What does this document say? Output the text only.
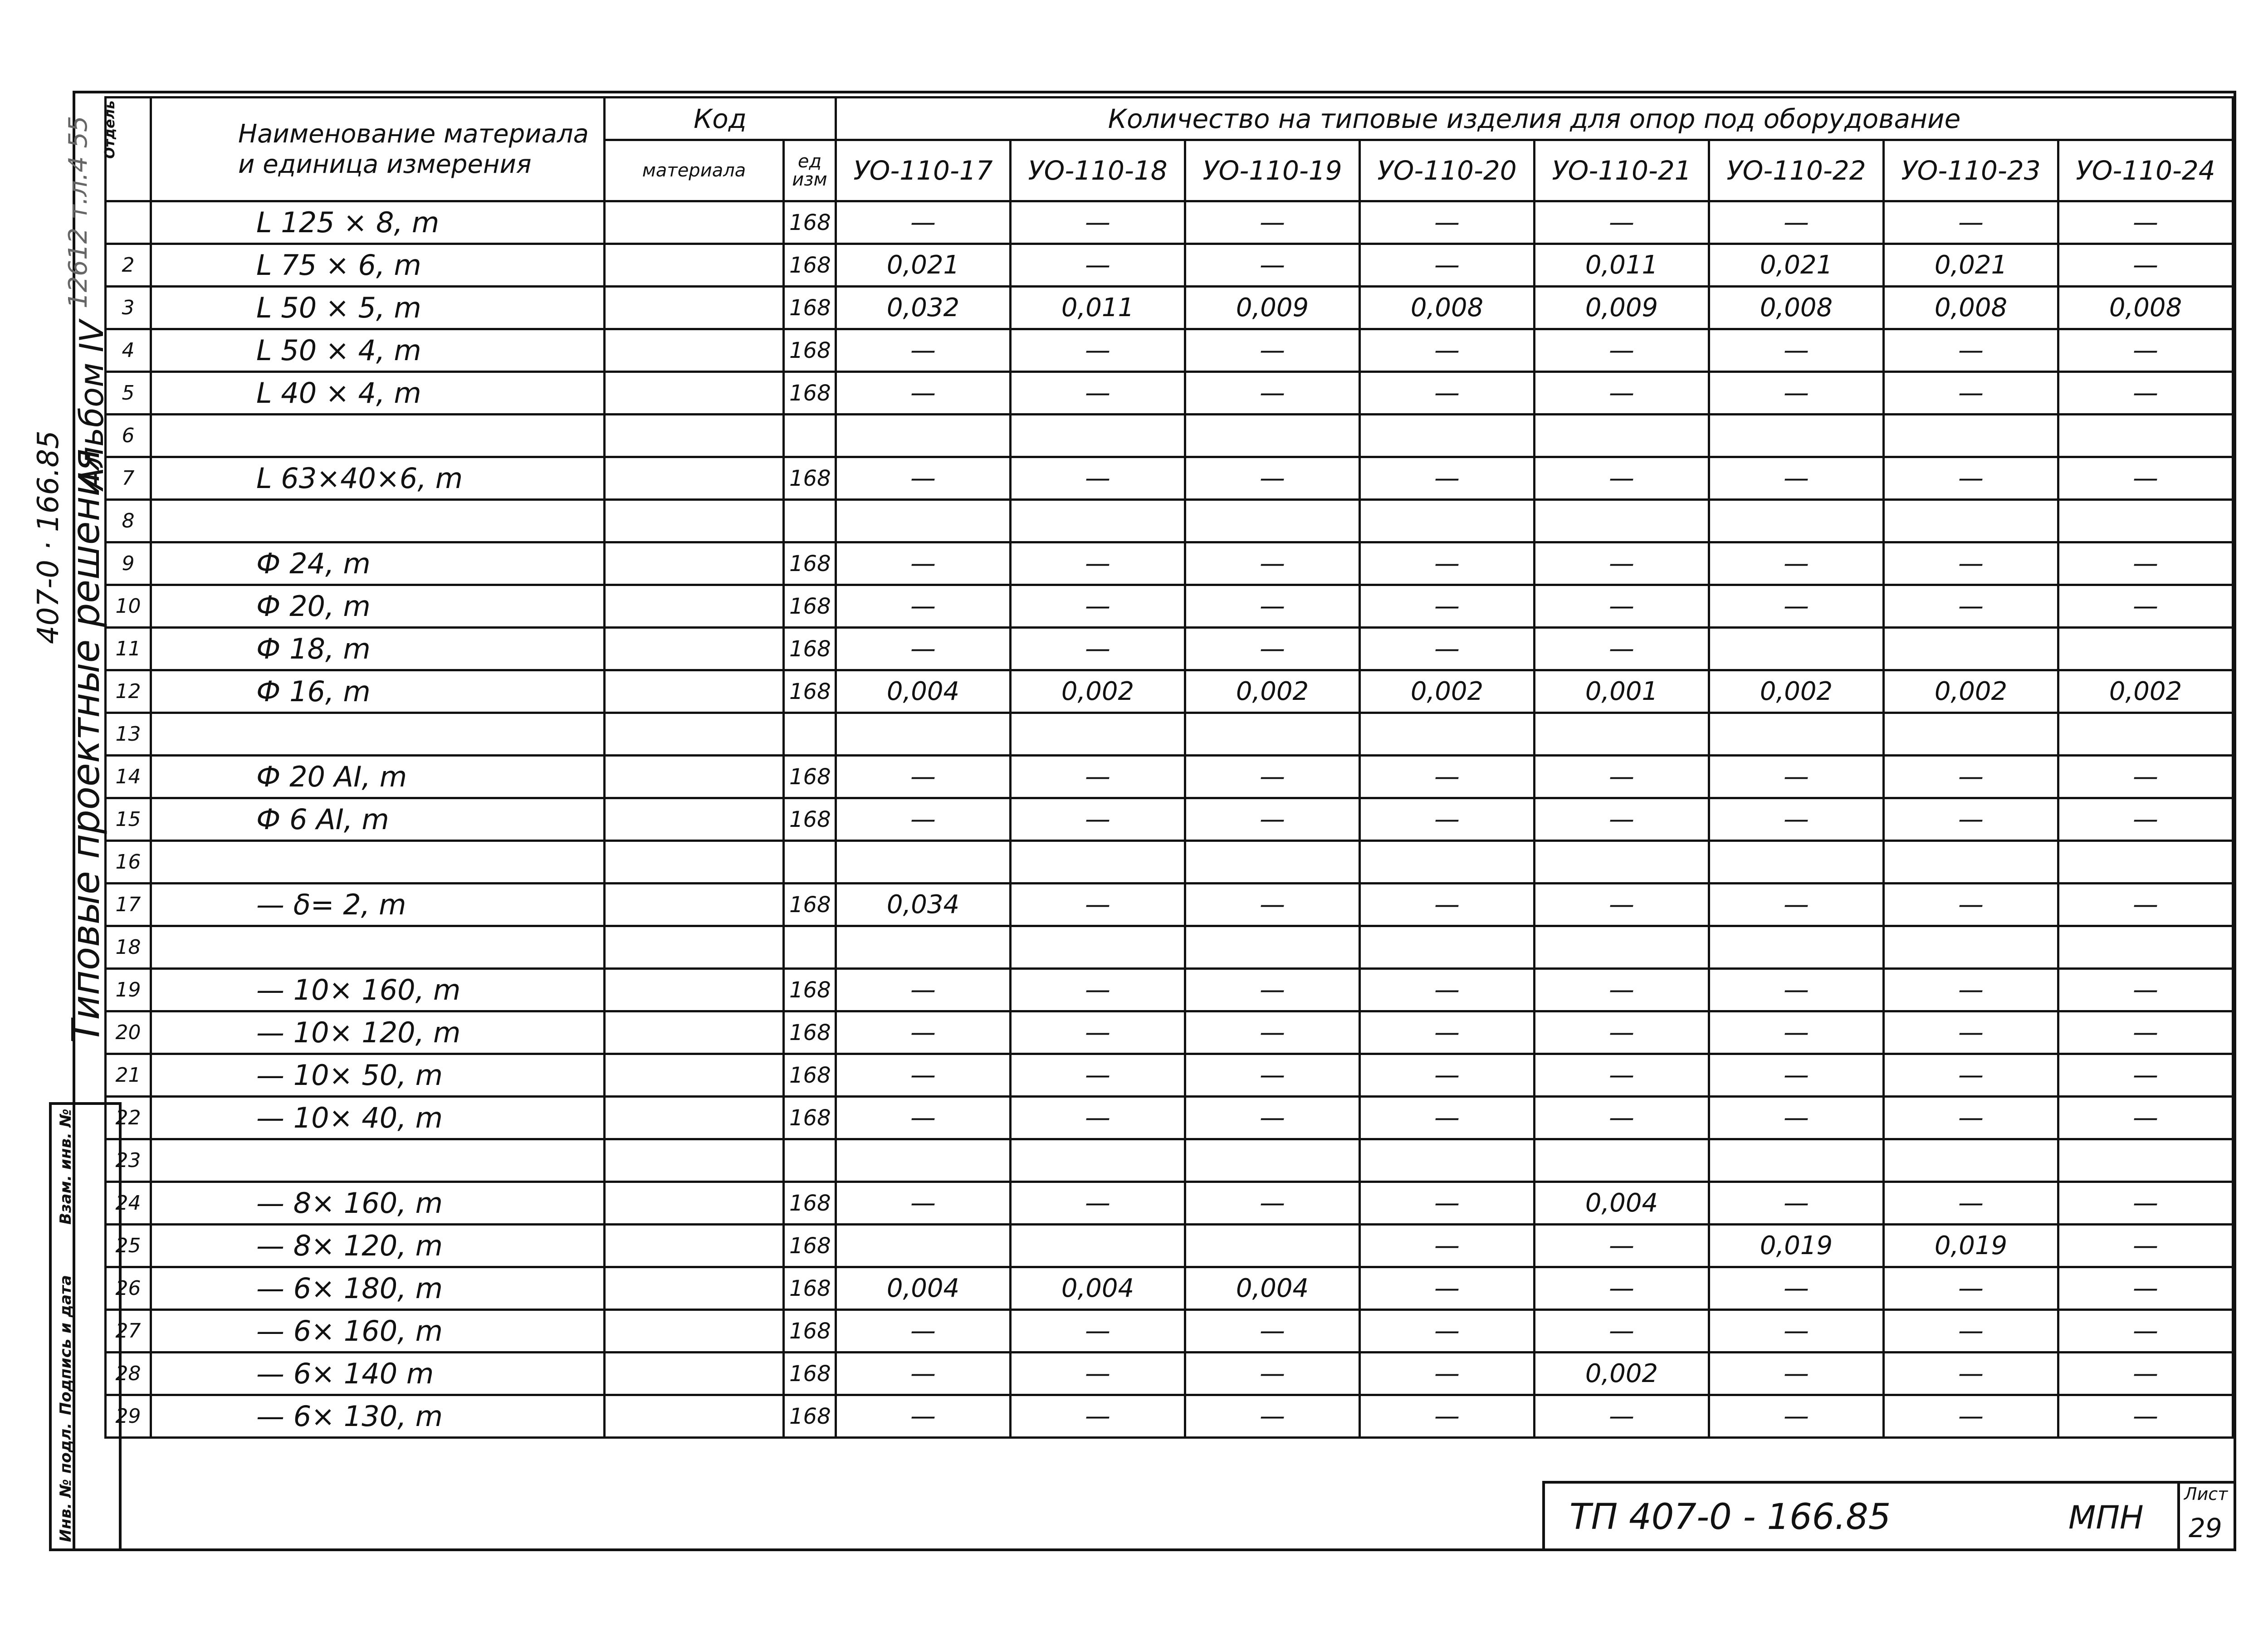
Типовые проектные решения
407-0 · 166.85
Альбом IV
12612 т.л.4 55
Инв. № подл.
Подпись и дата
Взам. инв. №
Отдель
		Наименование материала и единица измерения	Код		Количество на типовые изделия для опор под оборудование							
		материала	ед изм	УО-110-17	УО-110-18	УО-110-19	УО-110-20	УО-110-21	УО-110-22	УО-110-23	УО-110-24
	L 125 × 8, m		168	—	—	—	—	—	—	—	—
2	L 75 × 6, m		168	0,021	—	—	—	0,011	0,021	0,021	—
3	L 50 × 5, m		168	0,032	0,011	0,009	0,008	0,009	0,008	0,008	0,008
4	L 50 × 4, m		168	—	—	—	—	—	—	—	—
5	L 40 × 4, m		168	—	—	—	—	—	—	—	—
6											
7	L 63×40×6, m		168	—	—	—	—	—	—	—	—
8											
9	Ф 24, m		168	—	—	—	—	—	—	—	—
10	Ф 20, m		168	—	—	—	—	—	—	—	—
11	Ф 18, m		168	—	—	—	—	—			
12	Ф 16, m		168	0,004	0,002	0,002	0,002	0,001	0,002	0,002	0,002
13											
14	Ф 20 AI, m		168	—	—	—	—	—	—	—	—
15	Ф 6 AI, m		168	—	—	—	—	—	—	—	—
16											
17	— δ= 2, m		168	0,034	—	—	—	—	—	—	—
18											
19	— 10× 160, m		168	—	—	—	—	—	—	—	—
20	— 10× 120, m		168	—	—	—	—	—	—	—	—
21	— 10× 50, m		168	—	—	—	—	—	—	—	—
22	— 10× 40, m		168	—	—	—	—	—	—	—	—
23											
24	— 8× 160, m		168	—	—	—	—	0,004	—	—	—
25	— 8× 120, m		168				—	—	0,019	0,019	—
26	— 6× 180, m		168	0,004	0,004	0,004	—	—	—	—	—
27	— 6× 160, m		168	—	—	—	—	—	—	—	—
28	— 6× 140 m		168	—	—	—	—	0,002	—	—	—
29	— 6× 130, m		168	—	—	—	—	—	—	—	—
ТП 407-0 - 166.85	МПН
Лист
29
